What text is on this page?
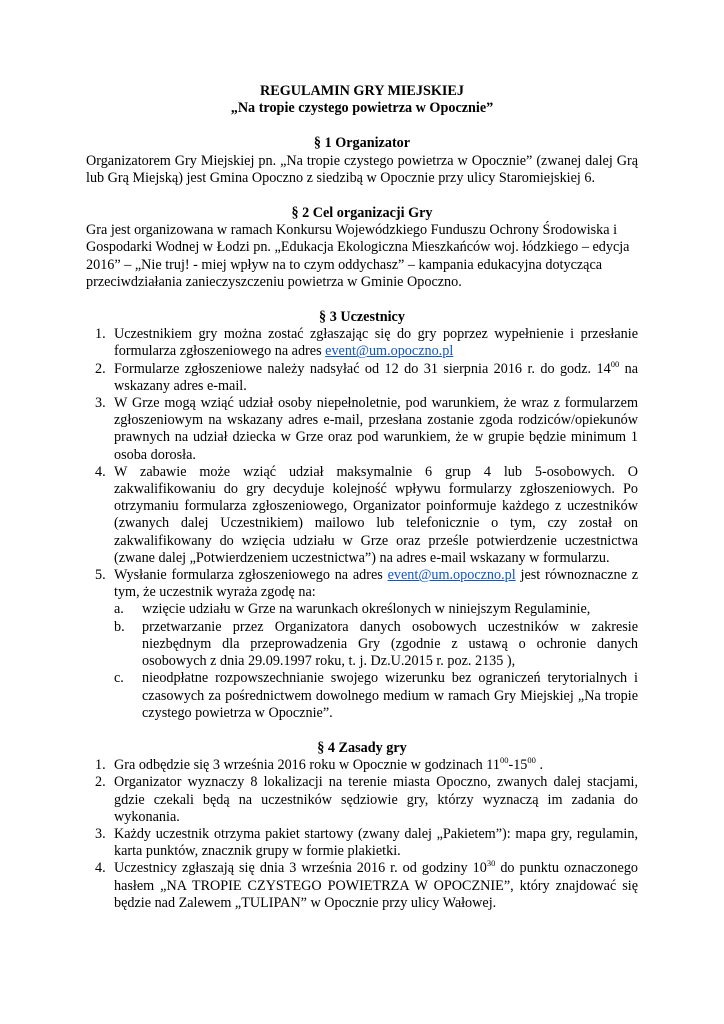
REGULAMIN GRY MIEJSKIEJ

„Na tropie czystego powietrza w Opocznie”

§ 1 Organizator

Organizatorem Gry Miejskiej pn. „Na tropie czystego powietrza w Opocznie” (zwanej dalej Grą lub Grą Miejską) jest Gmina Opoczno z siedzibą w Opocznie przy ulicy Staromiejskiej 6.

§ 2 Cel organizacji Gry

Gra jest organizowana w ramach Konkursu Wojewódzkiego Funduszu Ochrony Środowiska i Gospodarki Wodnej w Łodzi pn. „Edukacja Ekologiczna Mieszkańców woj. łódzkiego – edycja 2016” – „Nie truj! - miej wpływ na to czym oddychasz” – kampania edukacyjna dotycząca przeciwdziałania zanieczyszczeniu powietrza w Gminie Opoczno.

§ 3 Uczestnicy

1. Uczestnikiem gry można zostać zgłaszając się do gry poprzez wypełnienie i przesłanie formularza zgłoszeniowego na adres event@um.opoczno.pl
2. Formularze zgłoszeniowe należy nadsyłać od 12 do 31 sierpnia 2016 r. do godz. $14^{00}$ na wskazany adres e-mail.
3. W Grze mogą wziąć udział osoby niepełnoletnie, pod warunkiem, że wraz z formularzem zgłoszeniowym na wskazany adres e-mail, przesłana zostanie zgoda rodziców/opiekunów prawnych na udział dziecka w Grze oraz pod warunkiem, że w grupie będzie minimum 1 osoba dorosła.
4. W zabawie może wziąć udział maksymalnie 6 grup 4 lub 5-osobowych. O zakwalifikowaniu do gry decyduje kolejność wpływu formularzy zgłoszeniowych. Po otrzymaniu formularza zgłoszeniowego, Organizator poinformuje każdego z uczestników (zwanych dalej Uczestnikiem) mailowo lub telefonicznie o tym, czy został on zakwalifikowany do wzięcia udziału w Grze oraz prześle potwierdzenie uczestnictwa (zwane dalej „Potwierdzeniem uczestnictwa”) na adres e-mail wskazany w formularzu.
5. Wysłanie formularza zgłoszeniowego na adres event@um.opoczno.pl jest równoznaczne z tym, że uczestnik wyraża zgodę na:
a. wzięcie udziału w Grze na warunkach określonych w niniejszym Regulaminie,
b. przetwarzanie przez Organizatora danych osobowych uczestników w zakresie niezbędnym dla przeprowadzenia Gry (zgodnie z ustawą o ochronie danych osobowych z dnia 29.09.1997 roku, t. j. Dz.U.2015 r. poz. 2135 ),
c. nieodpłatne rozpowszechnianie swojego wizerunku bez ograniczeń terytorialnych i czasowych za pośrednictwem dowolnego medium w ramach Gry Miejskiej „Na tropie czystego powietrza w Opocznie”.

§ 4 Zasady gry

1. Gra odbędzie się 3 września 2016 roku w Opocznie w godzinach $11^{00}-15^{00}$ .
2. Organizator wyznaczy 8 lokalizacji na terenie miasta Opoczno, zwanych dalej stacjami, gdzie czekali będą na uczestników sędziowie gry, którzy wyznaczą im zadania do wykonania.
3. Każdy uczestnik otrzyma pakiet startowy (zwany dalej „Pakietem”): mapa gry, regulamin, karta punktów, znacznik grupy w formie plakietki.
4. Uczestnicy zgłaszają się dnia 3 września 2016 r. od godziny $10^{30}$ do punktu oznaczonego hasłem „NA TROPIE CZYSTEGO POWIETRZA W OPOCZNIE”, który znajdować się będzie nad Zalewem „TULIPAN” w Opocznie przy ulicy Wałowej.
